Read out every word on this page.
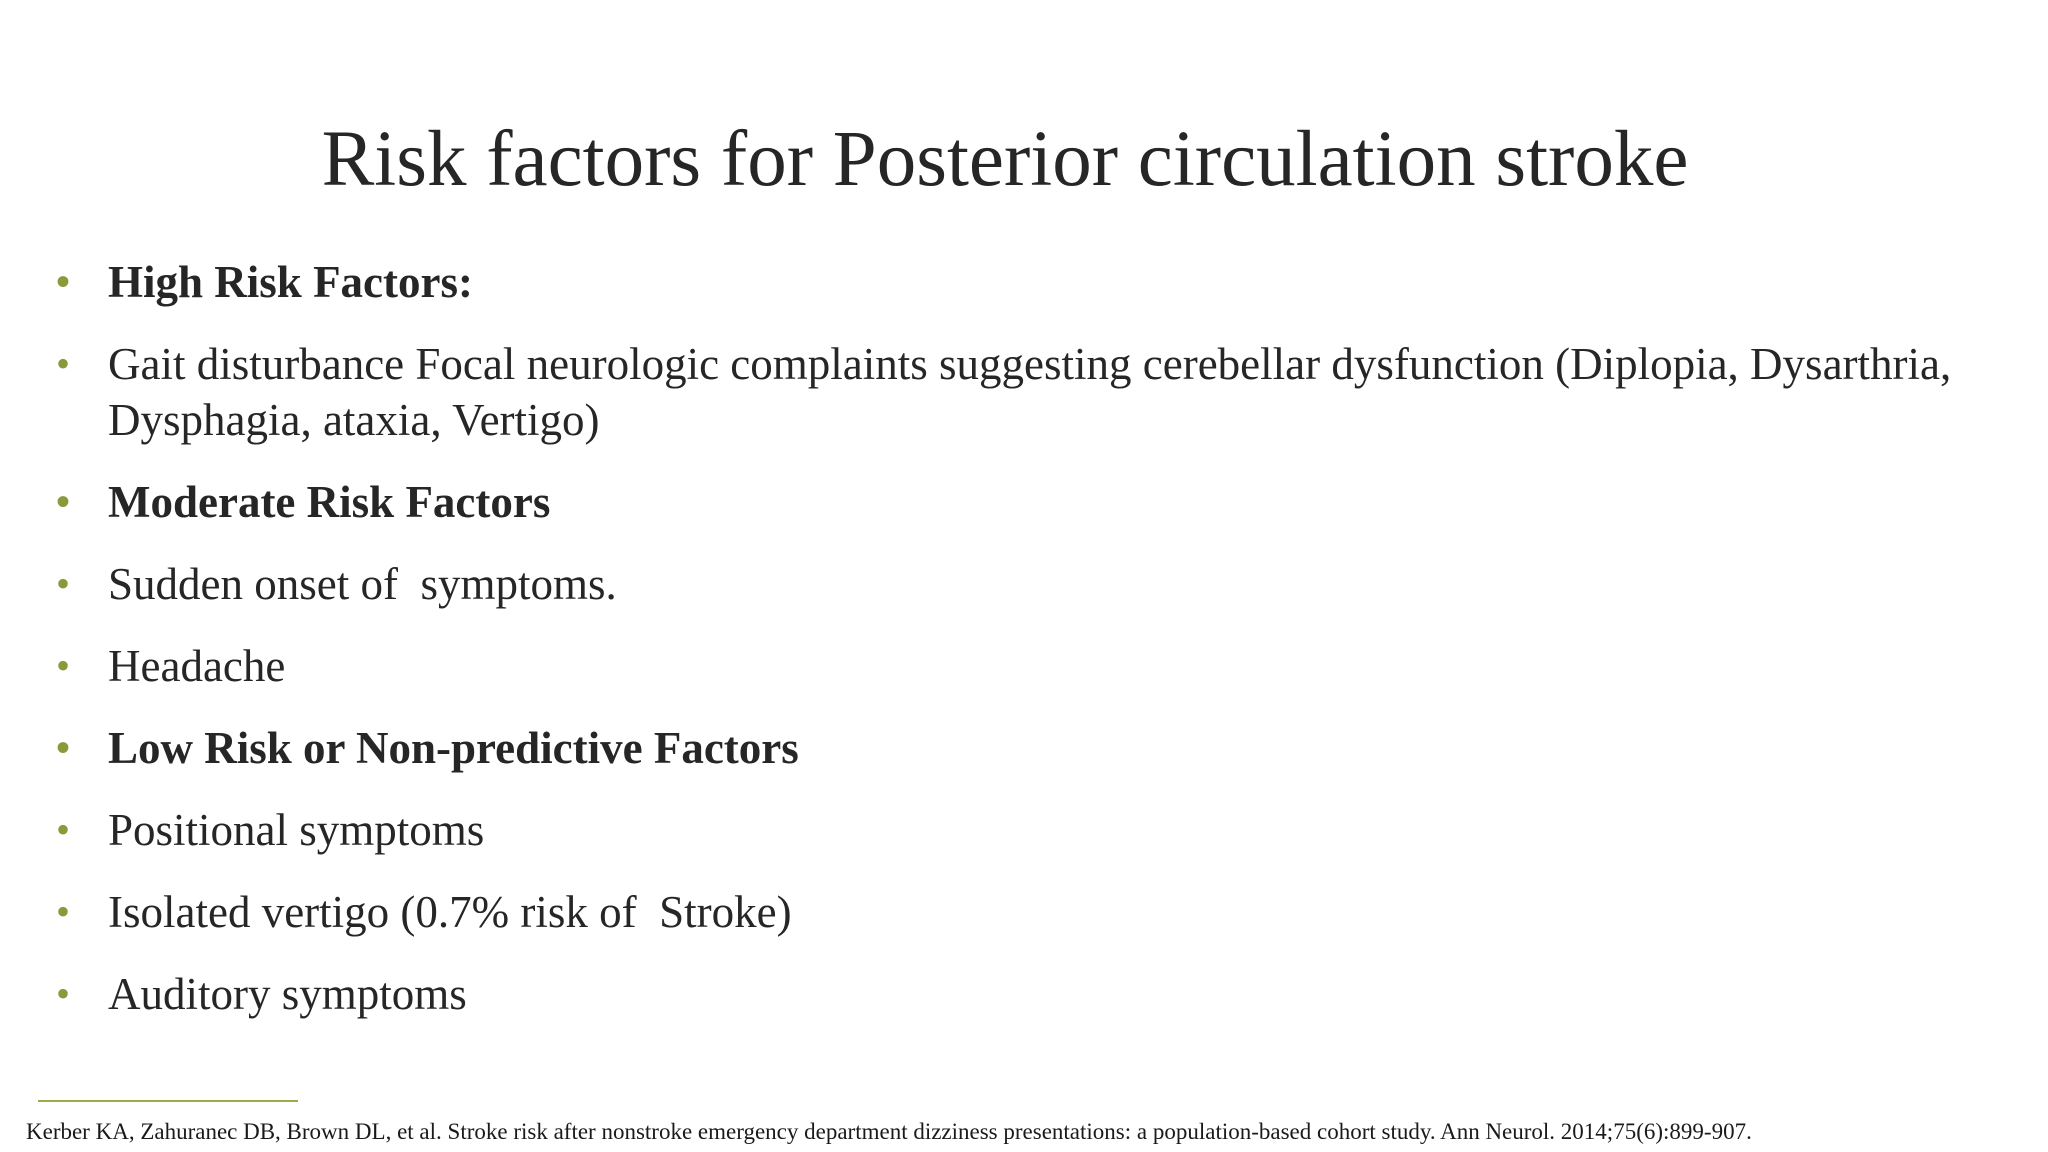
Risk factors for Posterior circulation stroke
• High Risk Factors:
• Gait disturbance Focal neurologic complaints suggesting cerebellar dysfunction (Diplopia, Dysarthria, Dysphagia, ataxia, Vertigo)
• Moderate Risk Factors
• Sudden onset of  symptoms.
• Headache
• Low Risk or Non-predictive Factors
• Positional symptoms
• Isolated vertigo (0.7% risk of  Stroke)
• Auditory symptoms
Kerber KA, Zahuranec DB, Brown DL, et al. Stroke risk after nonstroke emergency department dizziness presentations: a population-based cohort study. Ann Neurol. 2014;75(6):899-907.
